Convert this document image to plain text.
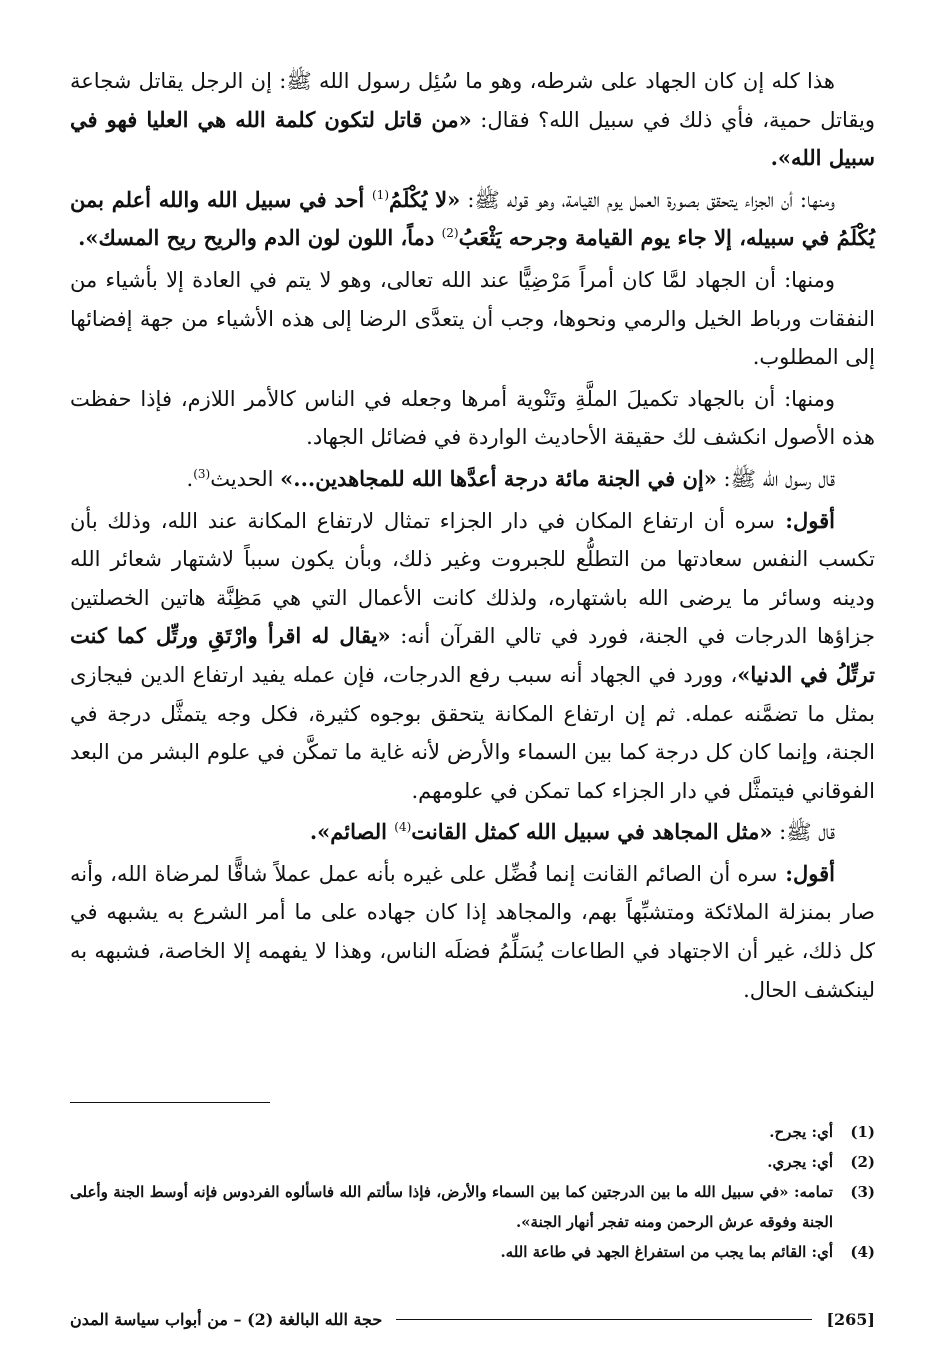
هذا كله إن كان الجهاد على شرطه، وهو ما سُئِل رسول الله ﷺ: إن الرجل يقاتل شجاعة ويقاتل حمية، فأي ذلك في سبيل الله؟ فقال: «من قاتل لتكون كلمة الله هي العليا فهو في سبيل الله».

ومنها: أن الجزاء يتحقق بصورة العمل يوم القيامة، وهو قوله ﷺ: «لا يُكْلَمُ$^{(1)}$ أحد في سبيل الله والله أعلم بمن يُكْلَمُ في سبيله، إلا جاء يوم القيامة وجرحه يَثْعَبُ$^{(2)}$ دماً، اللون لون الدم والريح ريح المسك».

ومنها: أن الجهاد لمَّا كان أمراً مَرْضِيًّا عند الله تعالى، وهو لا يتم في العادة إلا بأشياء من النفقات ورباط الخيل والرمي ونحوها، وجب أن يتعدَّى الرضا إلى هذه الأشياء من جهة إفضائها إلى المطلوب.

ومنها: أن بالجهاد تكميلَ الملَّةِ وتَنْوية أمرها وجعله في الناس كالأمر اللازم، فإذا حفظت هذه الأصول انكشف لك حقيقة الأحاديث الواردة في فضائل الجهاد.

قال رسول الله ﷺ: «إن في الجنة مائة درجة أعدَّها الله للمجاهدين...» الحديث$^{(3)}$.

أقول: سره أن ارتفاع المكان في دار الجزاء تمثال لارتفاع المكانة عند الله، وذلك بأن تكسب النفس سعادتها من التطلُّع للجبروت وغير ذلك، وبأن يكون سبباً لاشتهار شعائر الله ودينه وسائر ما يرضى الله باشتهاره، ولذلك كانت الأعمال التي هي مَظِنَّة هاتين الخصلتين جزاؤها الدرجات في الجنة، فورد في تالي القرآن أنه: «يقال له اقرأ وارْتَقِ ورتِّل كما كنت ترتِّلُ في الدنيا»، وورد في الجهاد أنه سبب رفع الدرجات، فإن عمله يفيد ارتفاع الدين فيجازى بمثل ما تضمَّنه عمله. ثم إن ارتفاع المكانة يتحقق بوجوه كثيرة، فكل وجه يتمثَّل درجة في الجنة، وإنما كان كل درجة كما بين السماء والأرض لأنه غاية ما تمكَّن في علوم البشر من البعد الفوقاني فيتمثَّل في دار الجزاء كما تمكن في علومهم.

قال ﷺ: «مثل المجاهد في سبيل الله كمثل القانت$^{(4)}$ الصائم».

أقول: سره أن الصائم القانت إنما فُضِّل على غيره بأنه عمل عملاً شاقًّا لمرضاة الله، وأنه صار بمنزلة الملائكة ومتشبِّهاً بهم، والمجاهد إذا كان جهاده على ما أمر الشرع به يشبهه في كل ذلك، غير أن الاجتهاد في الطاعات يُسَلِّمُ فضلَه الناس، وهذا لا يفهمه إلا الخاصة، فشبهه به لينكشف الحال.

(1)
أي: يجرح.
(2)
أي: يجري.
(3)
تمامه: «في سبيل الله ما بين الدرجتين كما بين السماء والأرض، فإذا سألتم الله فاسألوه الفردوس فإنه أوسط الجنة وأعلى الجنة وفوقه عرش الرحمن ومنه تفجر أنهار الجنة».
(4)
أي: القائم بما يجب من استفراغ الجهد في طاعة الله.
[265]
حجة الله البالغة (2) – من أبواب سياسة المدن
